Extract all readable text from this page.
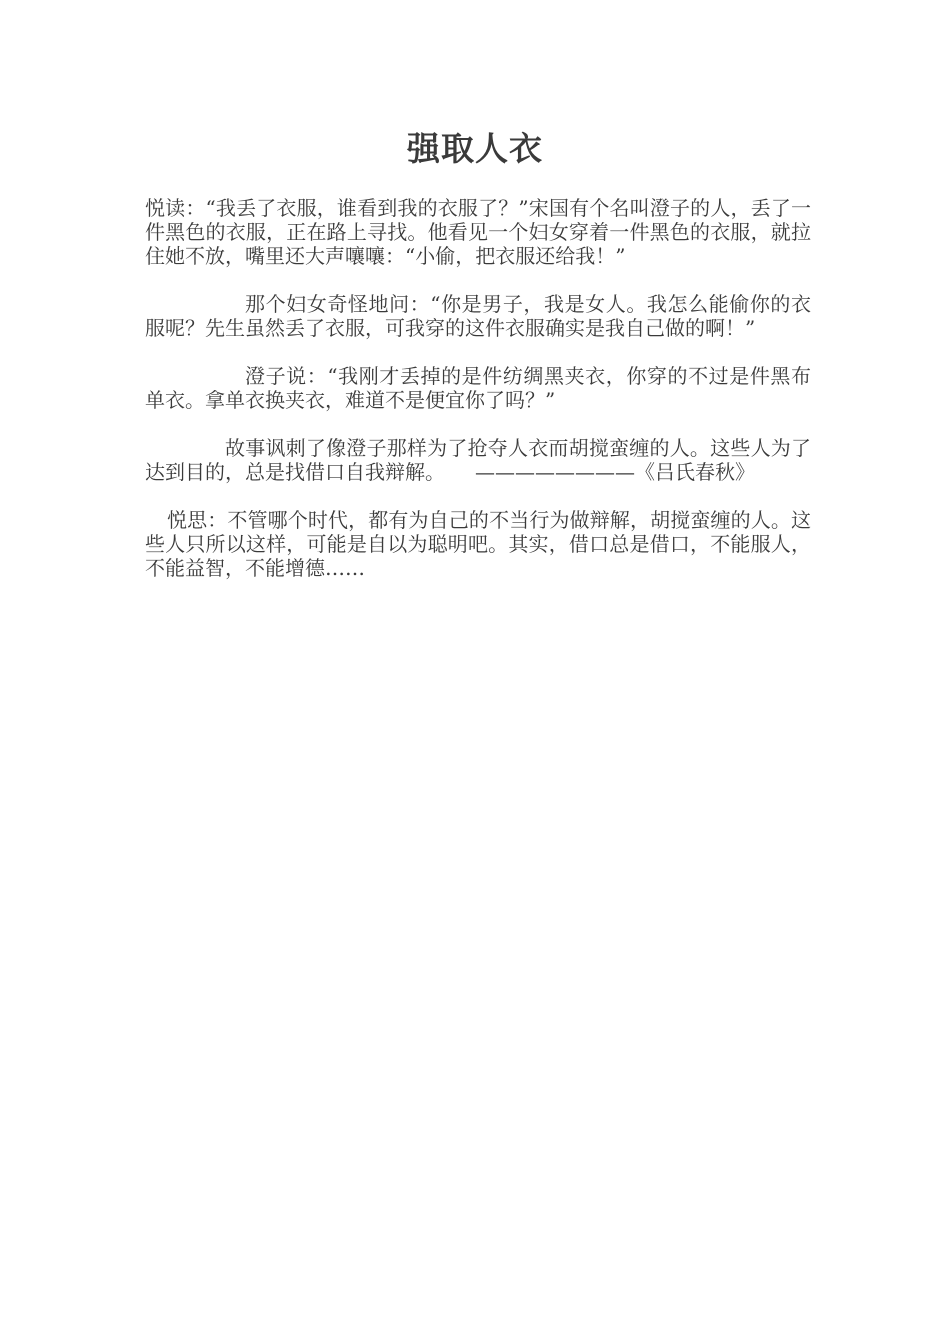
强取人衣

悦读：“我丢了衣服，谁看到我的衣服了？”宋国有个名叫澄子的人，丢了一件黑色的衣服，正在路上寻找。他看见一个妇女穿着一件黑色的衣服，就拉住她不放，嘴里还大声嚷嚷：“小偷，把衣服还给我！”

那个妇女奇怪地问：“你是男子，我是女人。我怎么能偷你的衣服呢？先生虽然丢了衣服，可我穿的这件衣服确实是我自己做的啊！”

澄子说：“我刚才丢掉的是件纺绸黑夹衣，你穿的不过是件黑布单衣。拿单衣换夹衣，难道不是便宜你了吗？”

故事讽刺了像澄子那样为了抢夺人衣而胡搅蛮缠的人。这些人为了达到目的，总是找借口自我辩解。　　————————《吕氏春秋》

悦思：不管哪个时代，都有为自己的不当行为做辩解，胡搅蛮缠的人。这些人只所以这样，可能是自以为聪明吧。其实，借口总是借口，不能服人，不能益智，不能增德……
